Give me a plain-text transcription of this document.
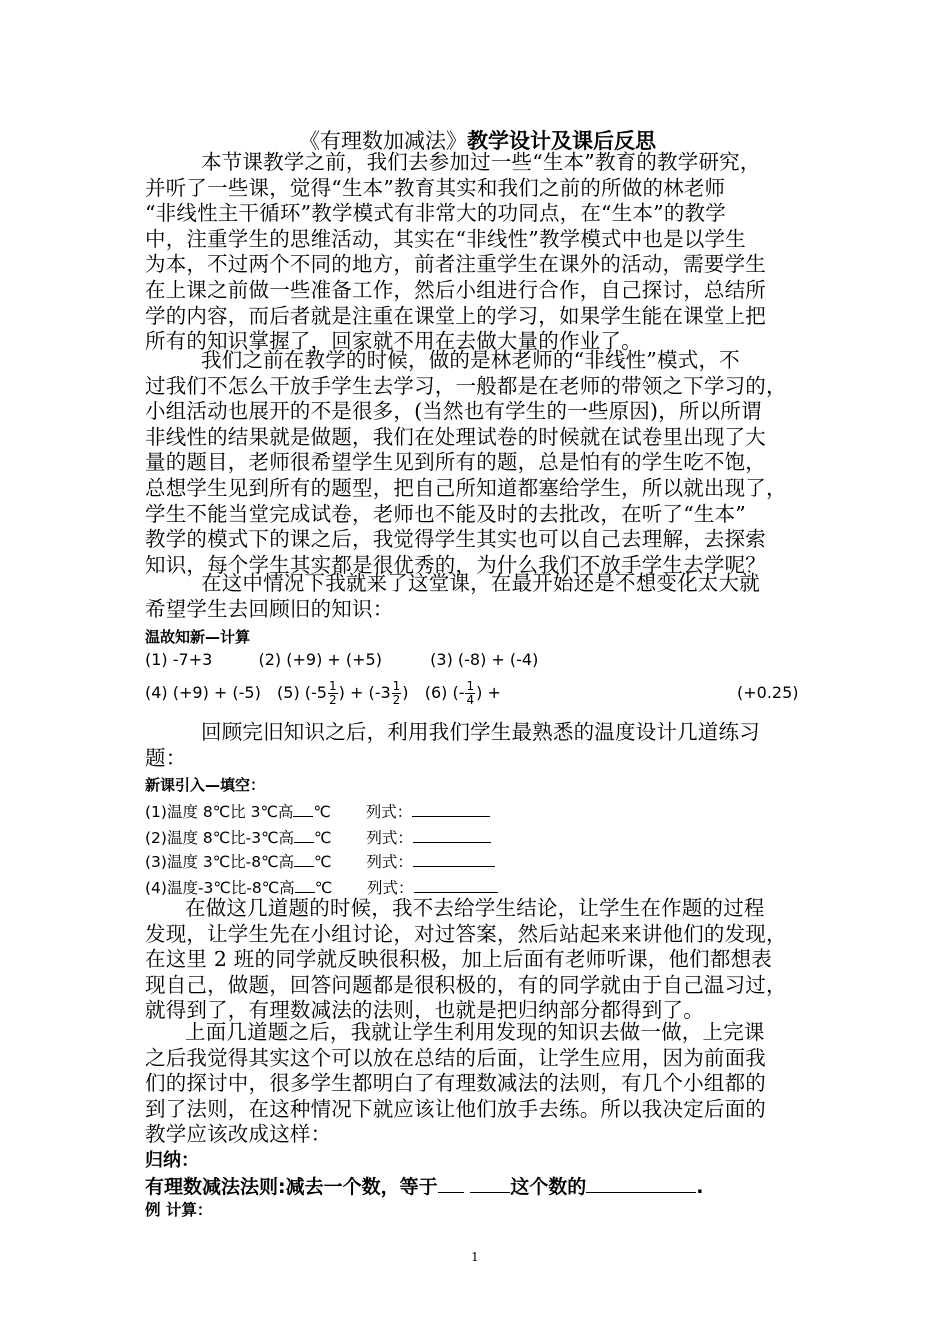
《有理数加减法》教学设计及课后反思
本节课教学之前，我们去参加过一些“生本”教育的教学研究，
并听了一些课，觉得“生本”教育其实和我们之前的所做的林老师
“非线性主干循环”教学模式有非常大的功同点，在“生本”的教学
中，注重学生的思维活动，其实在“非线性”教学模式中也是以学生
为本，不过两个不同的地方，前者注重学生在课外的活动，需要学生
在上课之前做一些准备工作，然后小组进行合作，自己探讨，总结所
学的内容，而后者就是注重在课堂上的学习，如果学生能在课堂上把
所有的知识掌握了，回家就不用在去做大量的作业了。
我们之前在教学的时候，做的是林老师的“非线性”模式，不
过我们不怎么干放手学生去学习，一般都是在老师的带领之下学习的，
小组活动也展开的不是很多，(当然也有学生的一些原因)，所以所谓
非线性的结果就是做题，我们在处理试卷的时候就在试卷里出现了大
量的题目，老师很希望学生见到所有的题，总是怕有的学生吃不饱，
总想学生见到所有的题型，把自己所知道都塞给学生，所以就出现了，
学生不能当堂完成试卷，老师也不能及时的去批改，在听了“生本”
教学的模式下的课之后，我觉得学生其实也可以自己去理解，去探索
知识，每个学生其实都是很优秀的，为什么我们不放手学生去学呢？
在这中情况下我就来了这堂课，在最开始还是不想变化太大就
希望学生去回顾旧的知识：
温故知新—计算
(1) -7+3	(2) (+9) + (+5)	(3) (-8) + (-4)
(4) (+9) + (-5) (5) ($-5 \frac{1}{2}$ ) + ($-3 \frac{1}{2}$ ) (6) (- $\frac{1}{4}$ ) +	(+0.25)
回顾完旧知识之后，利用我们学生最熟悉的温度设计几道练习
题：
新课引入—填空：
(1)温度 8℃比 3℃高 ℃ 列式：
(2)温度 8℃比-3℃高 ℃ 列式：
(3)温度 3℃比-8℃高 ℃ 列式：
(4)温度-3℃比-8℃高 ℃ 列式：
在做这几道题的时候，我不去给学生结论，让学生在作题的过程
发现，让学生先在小组讨论，对过答案，然后站起来来讲他们的发现，
在这里 2 班的同学就反映很积极，加上后面有老师听课，他们都想表
现自己，做题，回答问题都是很积极的，有的同学就由于自己温习过，
就得到了，有理数减法的法则，也就是把归纳部分都得到了。
上面几道题之后，我就让学生利用发现的知识去做一做，上完课
之后我觉得其实这个可以放在总结的后面，让学生应用，因为前面我
们的探讨中，很多学生都明白了有理数减法的法则，有几个小组都的
到了法则，在这种情况下就应该让他们放手去练。所以我决定后面的
教学应该改成这样：
归纳：
有理数减法法则:减去一个数，等于	这个数的	.
例 计算：
1
